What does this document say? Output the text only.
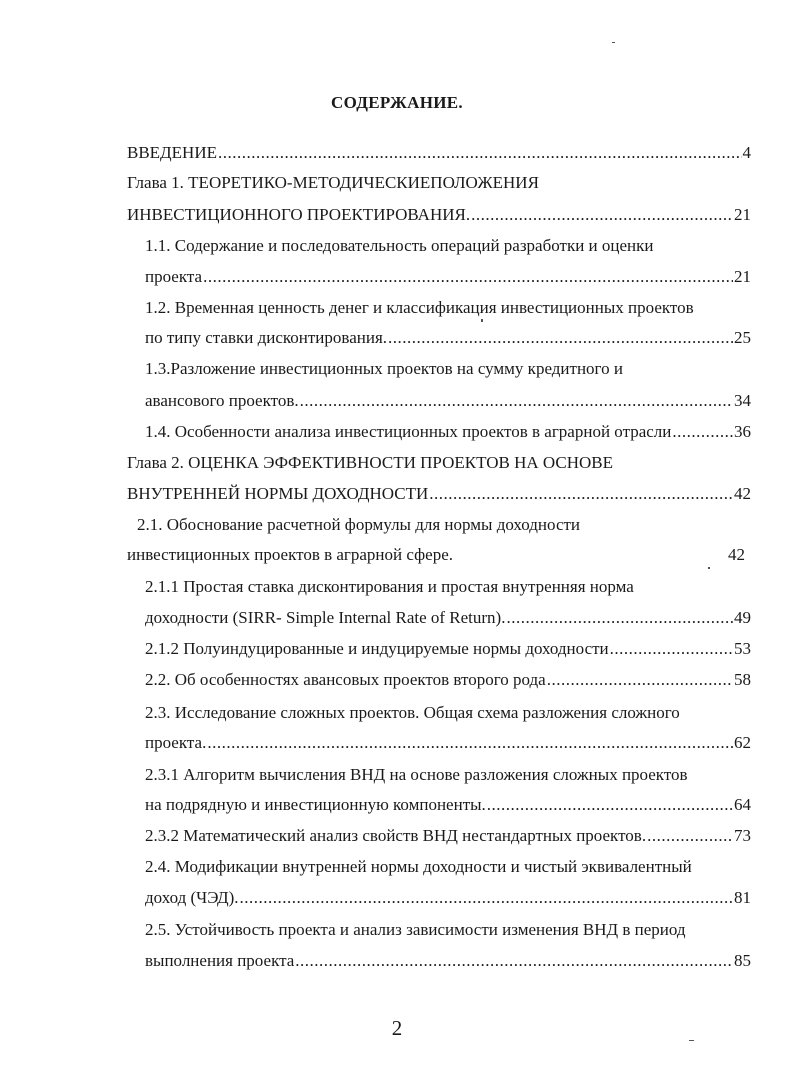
СОДЕРЖАНИЕ.
ВВЕДЕНИЕ .....	4
Глава 1. ТЕОРЕТИКО-МЕТОДИЧЕСКИЕПОЛОЖЕНИЯ
ИНВЕСТИЦИОННОГО ПРОЕКТИРОВАНИЯ. .....	21
1.1. Содержание и последовательность операций разработки и оценки
проекта .....	21
1.2. Временная ценность денег и классификация инвестиционных проектов
по типу ставки дисконтирования. .....	25
1.3.Разложение инвестиционных проектов на сумму кредитного и
авансового проектов. .....	34
1.4. Особенности анализа инвестиционных проектов в аграрной отрасли .....	36
Глава 2. ОЦЕНКА ЭФФЕКТИВНОСТИ ПРОЕКТОВ НА ОСНОВЕ
ВНУТРЕННЕЙ НОРМЫ ДОХОДНОСТИ .....	42
2.1. Обоснование расчетной формулы для нормы доходности
инвестиционных проектов в аграрной сфере.	42
2.1.1 Простая ставка дисконтирования и простая внутренняя норма
доходности (SIRR- Simple Internal Rate of Return). .....	49
2.1.2 Полуиндуцированные и индуцируемые нормы доходности .....	53
2.2. Об особенностях авансовых проектов второго рода .....	58
2.3. Исследование сложных проектов. Общая схема разложения сложного
проекта. .....	62
2.3.1 Алгоритм вычисления ВНД на основе разложения сложных проектов
на подрядную и инвестиционную компоненты. .....	64
2.3.2 Математический анализ свойств ВНД нестандартных проектов. .....	73
2.4. Модификации внутренней нормы доходности и чистый эквивалентный
доход (ЧЭД). .....	81
2.5. Устойчивость проекта и анализ зависимости изменения ВНД в период
выполнения проекта .....	85
2
